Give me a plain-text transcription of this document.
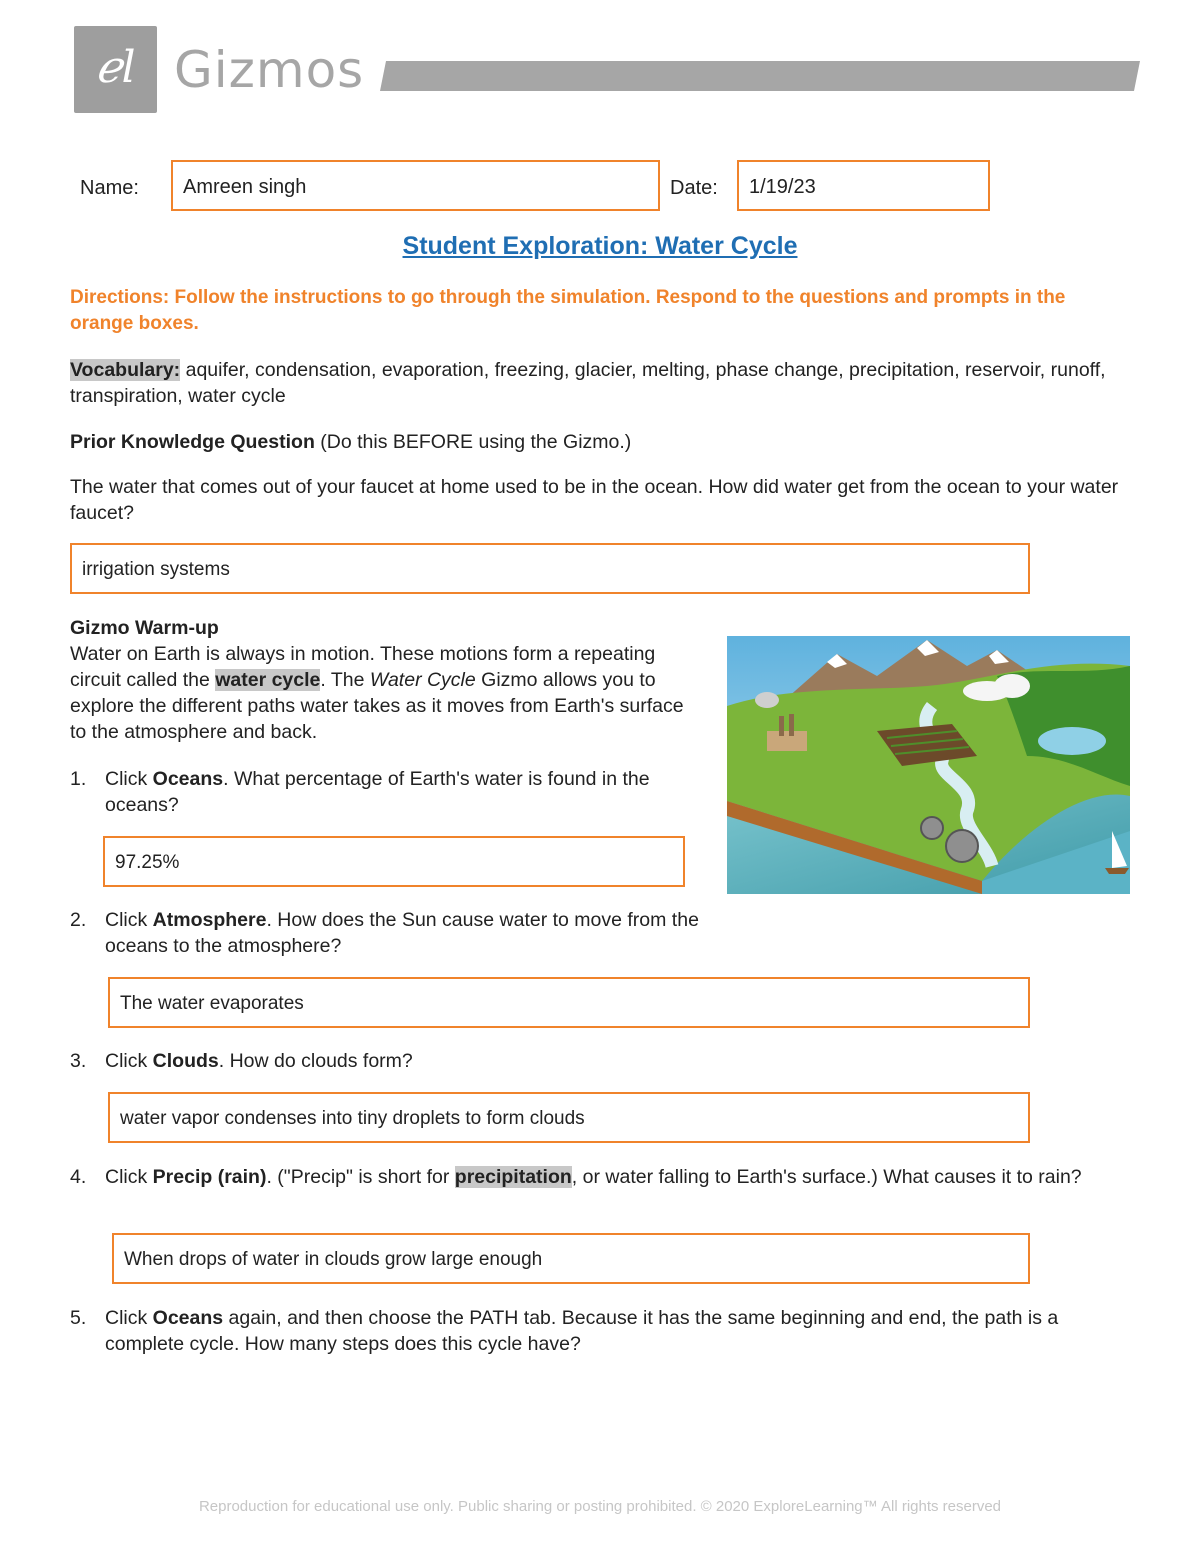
ℯl Gizmos
Name: Amreen singh	Date: 1/19/23
Student Exploration: Water Cycle
Directions: Follow the instructions to go through the simulation. Respond to the questions and prompts in the orange boxes.
Vocabulary: aquifer, condensation, evaporation, freezing, glacier, melting, phase change, precipitation, reservoir, runoff, transpiration, water cycle
Prior Knowledge Question (Do this BEFORE using the Gizmo.)
The water that comes out of your faucet at home used to be in the ocean. How did water get from the ocean to your water faucet?
irrigation systems
Gizmo Warm-up
Water on Earth is always in motion. These motions form a repeating circuit called the water cycle. The Water Cycle Gizmo allows you to explore the different paths water takes as it moves from Earth's surface to the atmosphere and back.
1. Click Oceans. What percentage of Earth's water is found in the oceans?
97.25%
2. Click Atmosphere. How does the Sun cause water to move from the oceans to the atmosphere?
The water evaporates
3. Click Clouds. How do clouds form?
water vapor condenses into tiny droplets to form clouds
4. Click Precip (rain). ("Precip" is short for precipitation, or water falling to Earth's surface.) What causes it to rain?
When drops of water in clouds grow large enough
5. Click Oceans again, and then choose the PATH tab. Because it has the same beginning and end, the path is a complete cycle. How many steps does this cycle have?
Reproduction for educational use only. Public sharing or posting prohibited. © 2020 ExploreLearning™ All rights reserved
